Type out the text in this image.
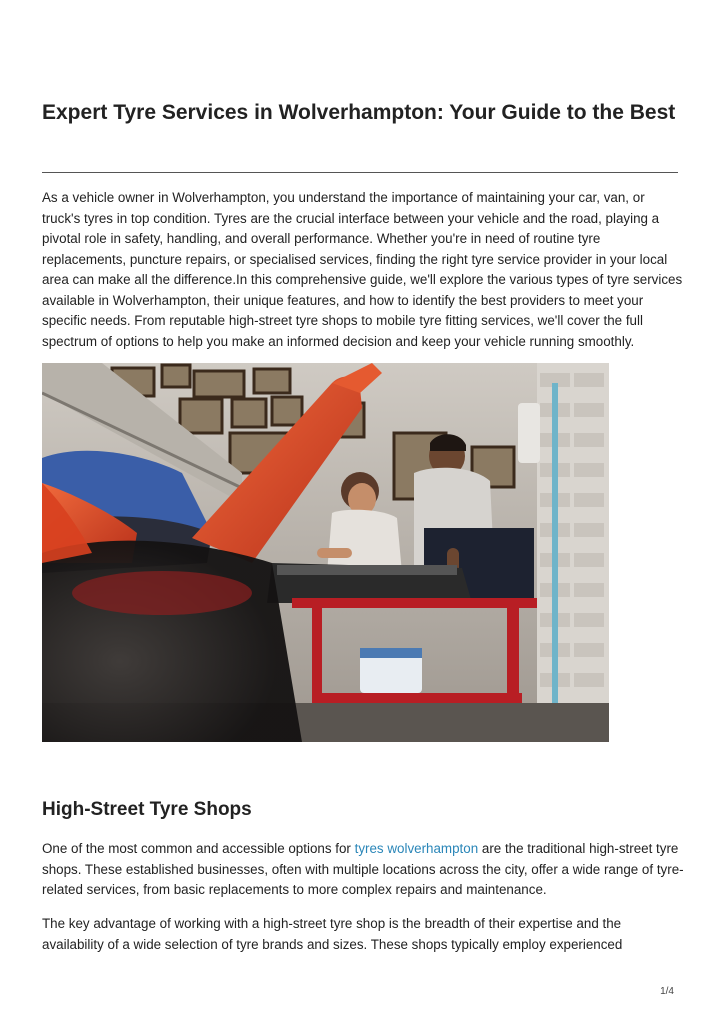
Expert Tyre Services in Wolverhampton: Your Guide to the Best

As a vehicle owner in Wolverhampton, you understand the importance of maintaining your car, van, or truck's tyres in top condition. Tyres are the crucial interface between your vehicle and the road, playing a pivotal role in safety, handling, and overall performance. Whether you're in need of routine tyre replacements, puncture repairs, or specialised services, finding the right tyre service provider in your local area can make all the difference.In this comprehensive guide, we'll explore the various types of tyre services available in Wolverhampton, their unique features, and how to identify the best providers to meet your specific needs. From reputable high-street tyre shops to mobile tyre fitting services, we'll cover the full spectrum of options to help you make an informed decision and keep your vehicle running smoothly.

High-Street Tyre Shops

One of the most common and accessible options for tyres wolverhampton are the traditional high-street tyre shops. These established businesses, often with multiple locations across the city, offer a wide range of tyre-related services, from basic replacements to more complex repairs and maintenance.

The key advantage of working with a high-street tyre shop is the breadth of their expertise and the availability of a wide selection of tyre brands and sizes. These shops typically employ experienced

1/4
